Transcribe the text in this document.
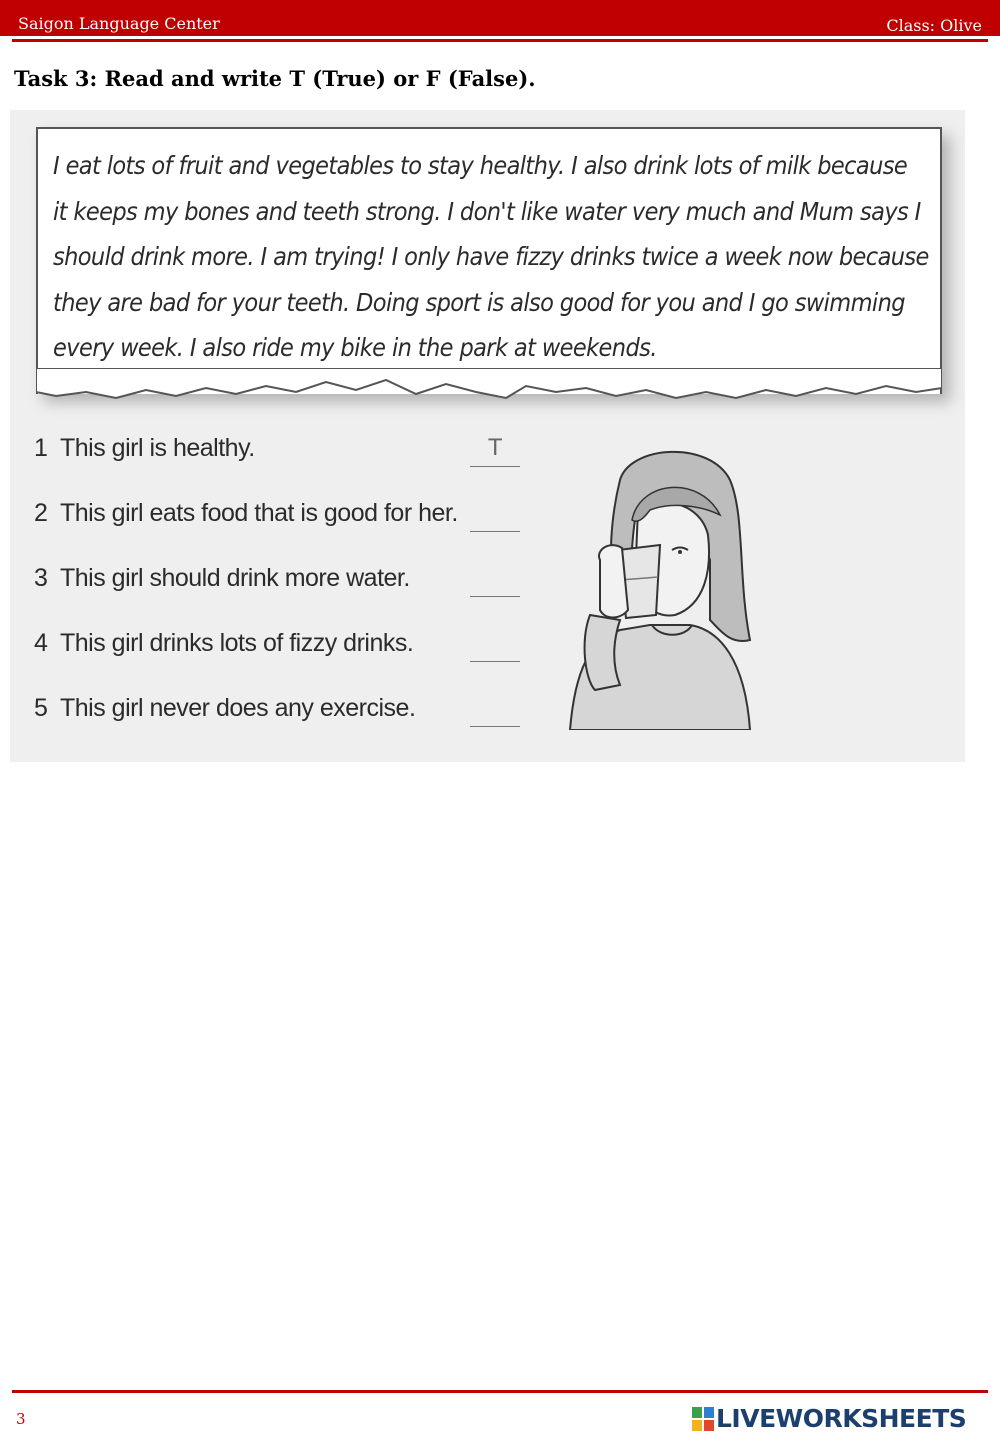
Saigon Language Center	Class: Olive
Task 3: Read and write T (True) or F (False).
I eat lots of fruit and vegetables to stay healthy. I also drink lots of milk because
it keeps my bones and teeth strong. I don't like water very much and Mum says I
should drink more. I am trying! I only have fizzy drinks twice a week now because
they are bad for your teeth. Doing sport is also good for you and I go swimming
every week. I also ride my bike in the park at weekends.
1 This girl is healthy.	T
2 This girl eats food that is good for her.
3 This girl should drink more water.
4 This girl drinks lots of fizzy drinks.
5 This girl never does any exercise.
3	LIVEWORKSHEETS
